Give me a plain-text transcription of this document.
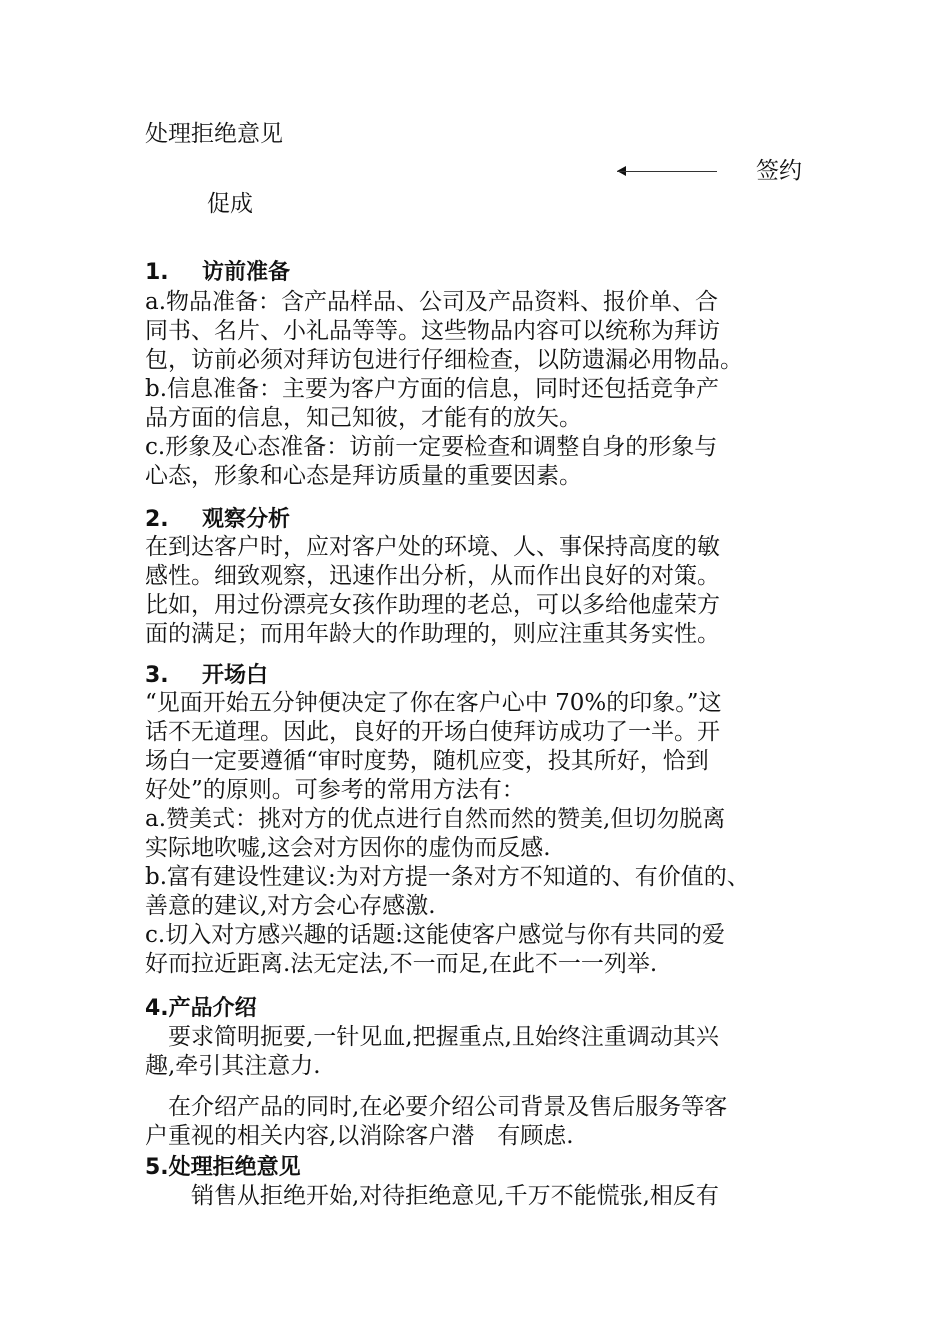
处理拒绝意见
签约
促成
1. 访前准备
a.物品准备：含产品样品、公司及产品资料、报价单、合
同书、名片、小礼品等等。这些物品内容可以统称为拜访
包，访前必须对拜访包进行仔细检查，以防遗漏必用物品。
b.信息准备：主要为客户方面的信息，同时还包括竞争产
品方面的信息，知己知彼，才能有的放矢。
c.形象及心态准备：访前一定要检查和调整自身的形象与
心态，形象和心态是拜访质量的重要因素。
2. 观察分析
在到达客户时，应对客户处的环境、人、事保持高度的敏
感性。细致观察，迅速作出分析，从而作出良好的对策。
比如，用过份漂亮女孩作助理的老总，可以多给他虚荣方
面的满足；而用年龄大的作助理的，则应注重其务实性。
3. 开场白
“见面开始五分钟便决定了你在客户心中 70%的印象。”这
话不无道理。因此，良好的开场白使拜访成功了一半。开
场白一定要遵循“审时度势，随机应变，投其所好，恰到
好处”的原则。可参考的常用方法有：
a.赞美式：挑对方的优点进行自然而然的赞美,但切勿脱离
实际地吹嘘,这会对方因你的虚伪而反感.
b.富有建设性建议:为对方提一条对方不知道的、有价值的、
善意的建议,对方会心存感激.
c.切入对方感兴趣的话题:这能使客户感觉与你有共同的爱
好而拉近距离.法无定法,不一而足,在此不一一列举.
4.产品介绍
　要求简明扼要,一针见血,把握重点,且始终注重调动其兴
趣,牵引其注意力.
　在介绍产品的同时,在必要介绍公司背景及售后服务等客
户重视的相关内容,以消除客户潜　有顾虑.
5.处理拒绝意见
　　销售从拒绝开始,对待拒绝意见,千万不能慌张,相反有
